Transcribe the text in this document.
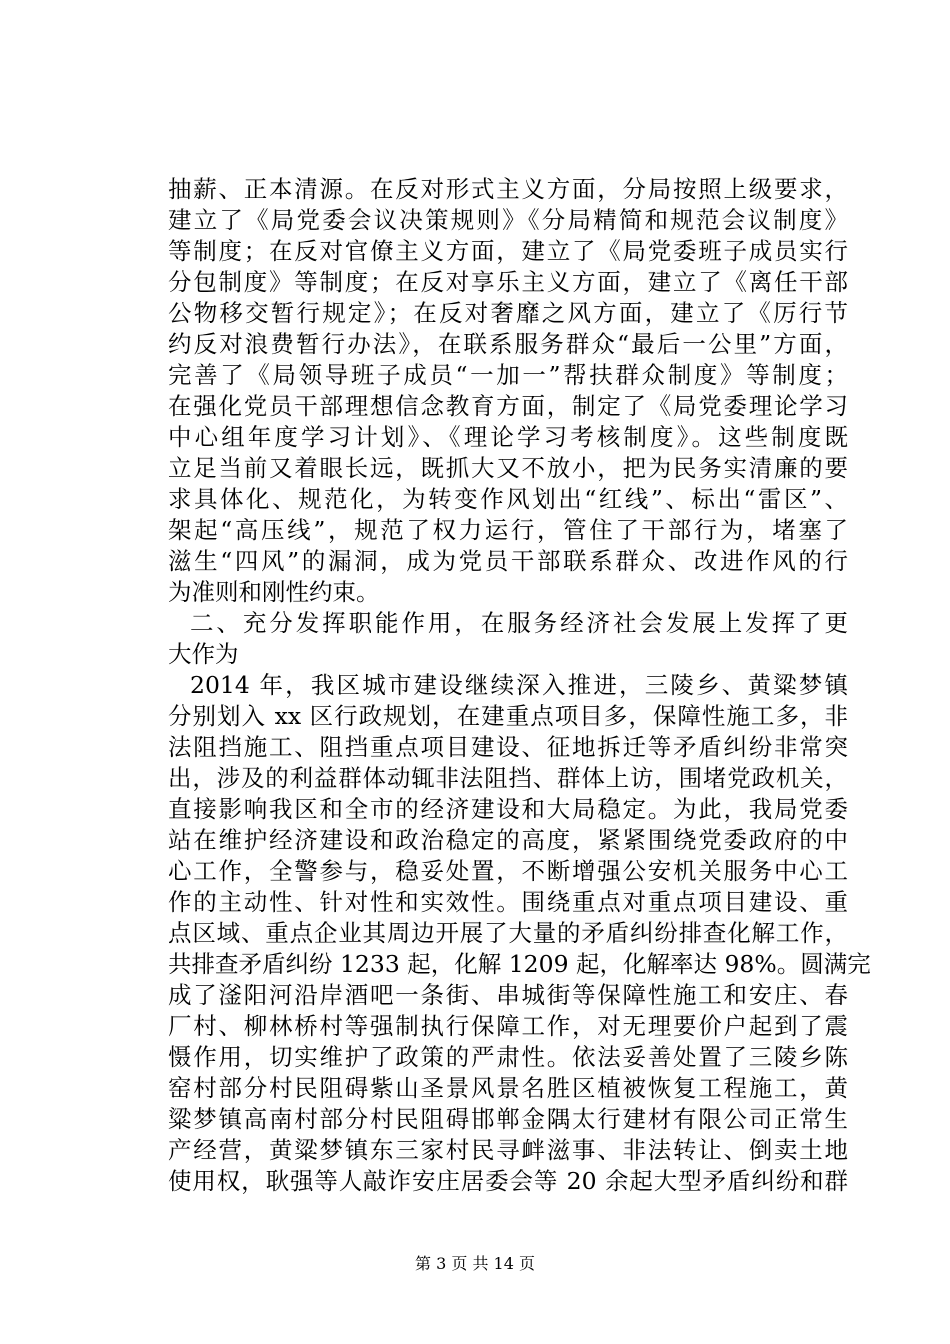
抽薪、正本清源。在反对形式主义方面，分局按照上级要求，
建立了《局党委会议决策规则》《分局精简和规范会议制度》
等制度；在反对官僚主义方面，建立了《局党委班子成员实行
分包制度》等制度；在反对享乐主义方面，建立了《离任干部
公物移交暂行规定》；在反对奢靡之风方面，建立了《厉行节
约反对浪费暂行办法》，在联系服务群众“最后一公里”方面，
完善了《局领导班子成员“一加一”帮扶群众制度》等制度；
在强化党员干部理想信念教育方面，制定了《局党委理论学习
中心组年度学习计划》、《理论学习考核制度》。这些制度既
立足当前又着眼长远，既抓大又不放小，把为民务实清廉的要
求具体化、规范化，为转变作风划出“红线”、标出“雷区”、
架起“高压线”，规范了权力运行，管住了干部行为，堵塞了
滋生“四风”的漏洞，成为党员干部联系群众、改进作风的行
为准则和刚性约束。
二、充分发挥职能作用，在服务经济社会发展上发挥了更
大作为
2014 年，我区城市建设继续深入推进，三陵乡、黄粱梦镇
分别划入 xx 区行政规划，在建重点项目多，保障性施工多，非
法阻挡施工、阻挡重点项目建设、征地拆迁等矛盾纠纷非常突
出，涉及的利益群体动辄非法阻挡、群体上访，围堵党政机关，
直接影响我区和全市的经济建设和大局稳定。为此，我局党委
站在维护经济建设和政治稳定的高度，紧紧围绕党委政府的中
心工作，全警参与，稳妥处置，不断增强公安机关服务中心工
作的主动性、针对性和实效性。围绕重点对重点项目建设、重
点区域、重点企业其周边开展了大量的矛盾纠纷排查化解工作，
共排查矛盾纠纷 1233 起，化解 1209 起，化解率达 98%。圆满完
成了滏阳河沿岸酒吧一条街、串城街等保障性施工和安庄、春
厂村、柳林桥村等强制执行保障工作，对无理要价户起到了震
慑作用，切实维护了政策的严肃性。依法妥善处置了三陵乡陈
窑村部分村民阻碍紫山圣景风景名胜区植被恢复工程施工，黄
粱梦镇高南村部分村民阻碍邯郸金隅太行建材有限公司正常生
产经营，黄粱梦镇东三家村民寻衅滋事、非法转让、倒卖土地
使用权，耿强等人敲诈安庄居委会等 20 余起大型矛盾纠纷和群
第 3 页 共 14 页
